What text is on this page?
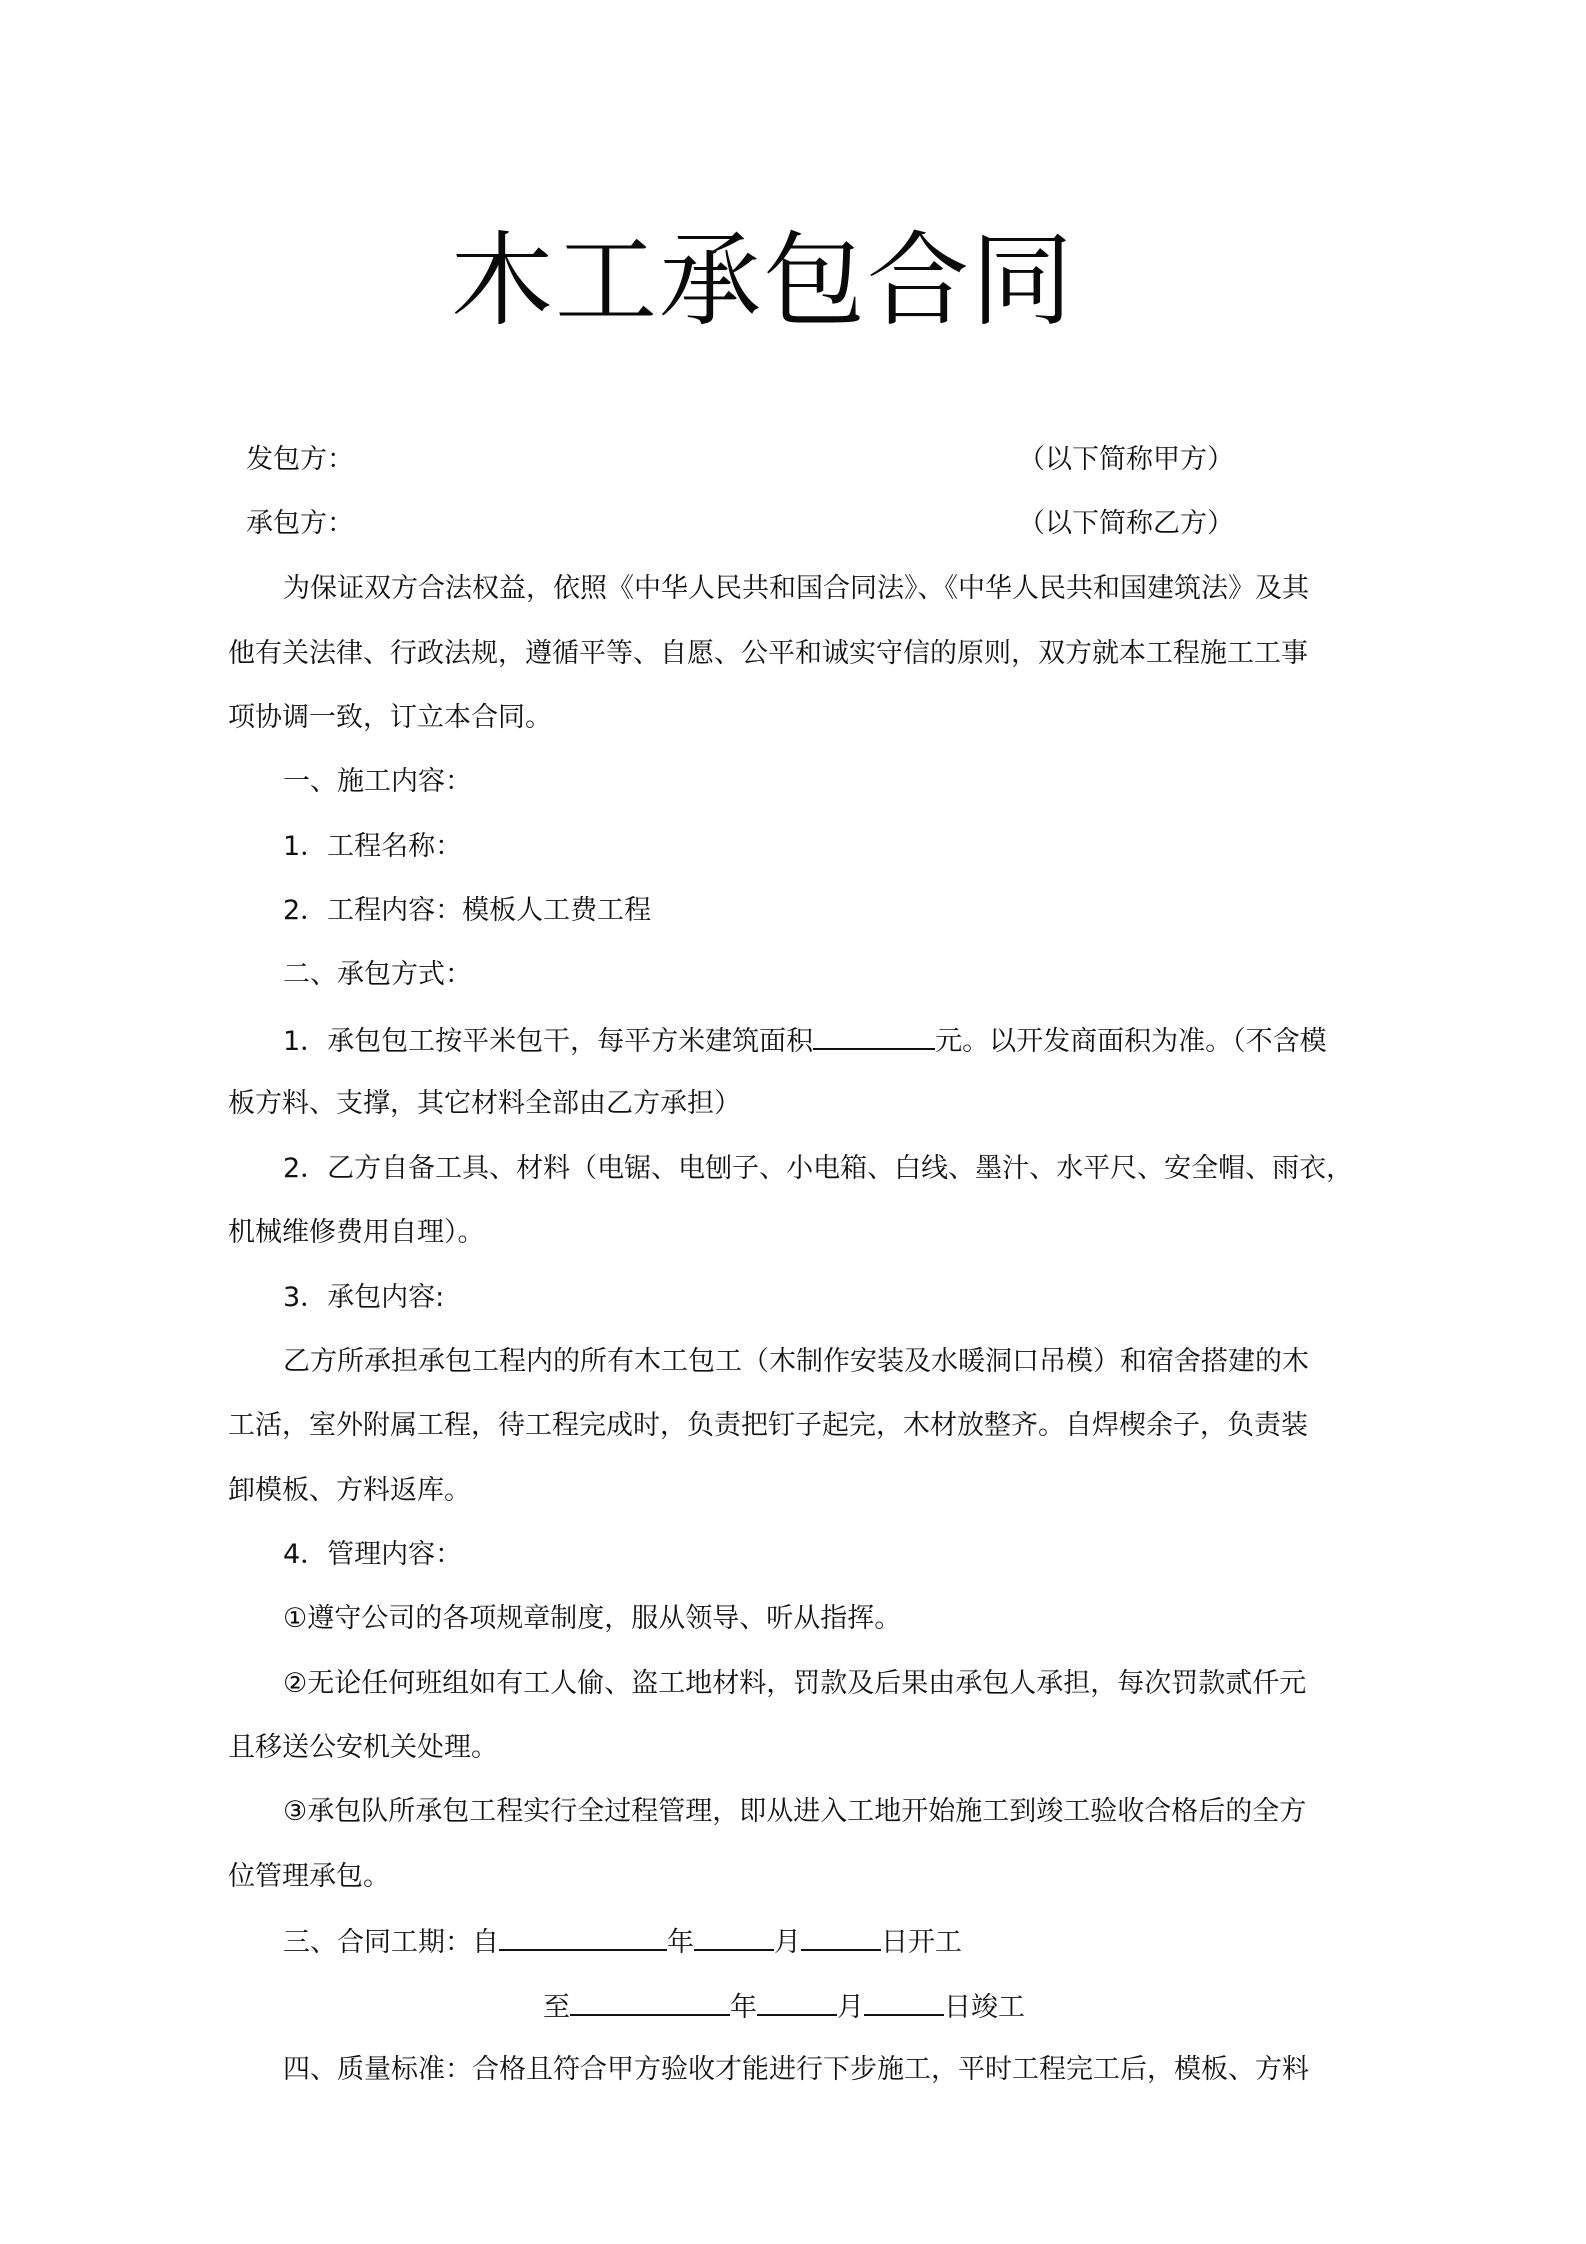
木工承包合同
发包方：	（以下简称甲方）
承包方：	（以下简称乙方）
为保证双方合法权益，依照《中华人民共和国合同法》、《中华人民共和国建筑法》及其
他有关法律、行政法规，遵循平等、自愿、公平和诚实守信的原则，双方就本工程施工工事
项协调一致，订立本合同。
一、施工内容：
1．工程名称：
2．工程内容：模板人工费工程
二、承包方式：
1．承包包工按平米包干，每平方米建筑面积	元。以开发商面积为准。（不含模
板方料、支撑，其它材料全部由乙方承担）
2．乙方自备工具、材料（电锯、电刨子、小电箱、白线、墨汁、水平尺、安全帽、雨衣，
机械维修费用自理）。
3．承包内容:
乙方所承担承包工程内的所有木工包工（木制作安装及水暖洞口吊模）和宿舍搭建的木
工活，室外附属工程，待工程完成时，负责把钉子起完，木材放整齐。自焊楔余子，负责装
卸模板、方料返库。
4．管理内容：
①遵守公司的各项规章制度，服从领导、听从指挥。
②无论任何班组如有工人偷、盗工地材料，罚款及后果由承包人承担，每次罚款贰仟元
且移送公安机关处理。
③承包队所承包工程实行全过程管理，即从进入工地开始施工到竣工验收合格后的全方
位管理承包。
三、合同工期：自	年	月	日开工
至	年	月	日竣工
四、质量标准：合格且符合甲方验收才能进行下步施工，平时工程完工后，模板、方料
